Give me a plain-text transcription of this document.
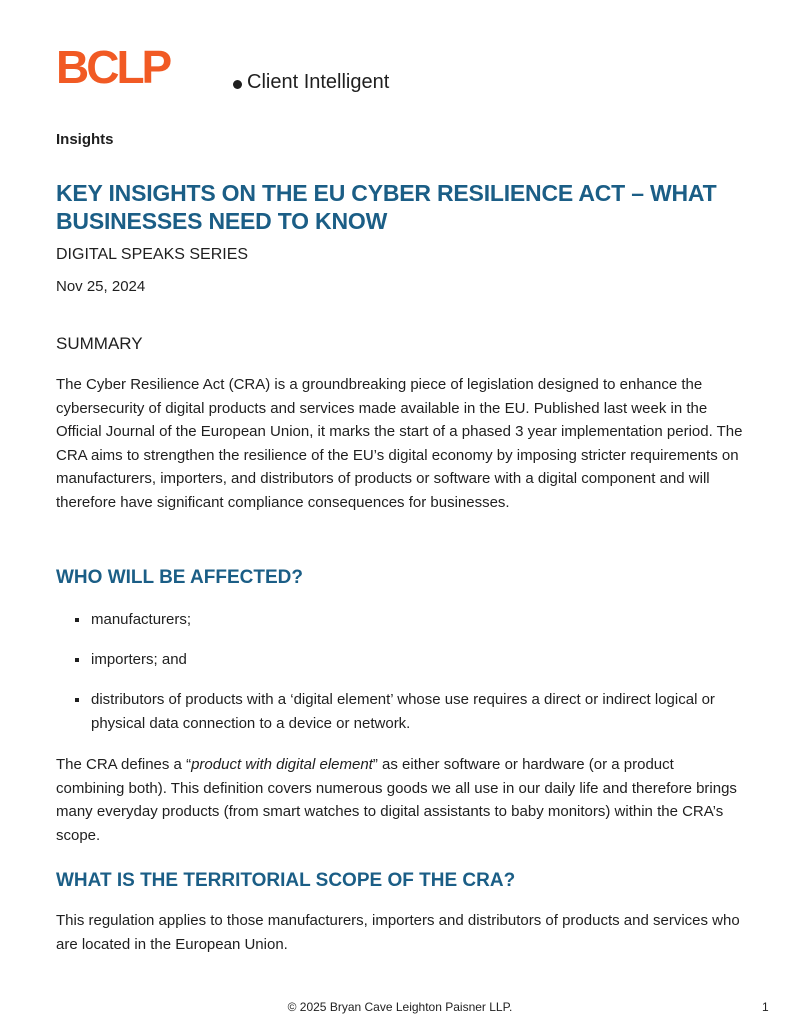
BCLP	Client Intelligent
Insights
KEY INSIGHTS ON THE EU CYBER RESILIENCE ACT – WHAT BUSINESSES NEED TO KNOW
DIGITAL SPEAKS SERIES
Nov 25, 2024
SUMMARY

The Cyber Resilience Act (CRA) is a groundbreaking piece of legislation designed to enhance the cybersecurity of digital products and services made available in the EU. Published last week in the Official Journal of the European Union, it marks the start of a phased 3 year implementation period. The CRA aims to strengthen the resilience of the EU’s digital economy by imposing stricter requirements on manufacturers, importers, and distributors of products or software with a digital component and will therefore have significant compliance consequences for businesses.

WHO WILL BE AFFECTED?
manufacturers;
importers; and
distributors of products with a ‘digital element’ whose use requires a direct or indirect logical or physical data connection to a device or network.

The CRA defines a “product with digital element” as either software or hardware (or a product combining both). This definition covers numerous goods we all use in our daily life and therefore brings many everyday products (from smart watches to digital assistants to baby monitors) within the CRA’s scope.

WHAT IS THE TERRITORIAL SCOPE OF THE CRA?

This regulation applies to those manufacturers, importers and distributors of products and services who are located in the European Union.

© 2025 Bryan Cave Leighton Paisner LLP.	1
